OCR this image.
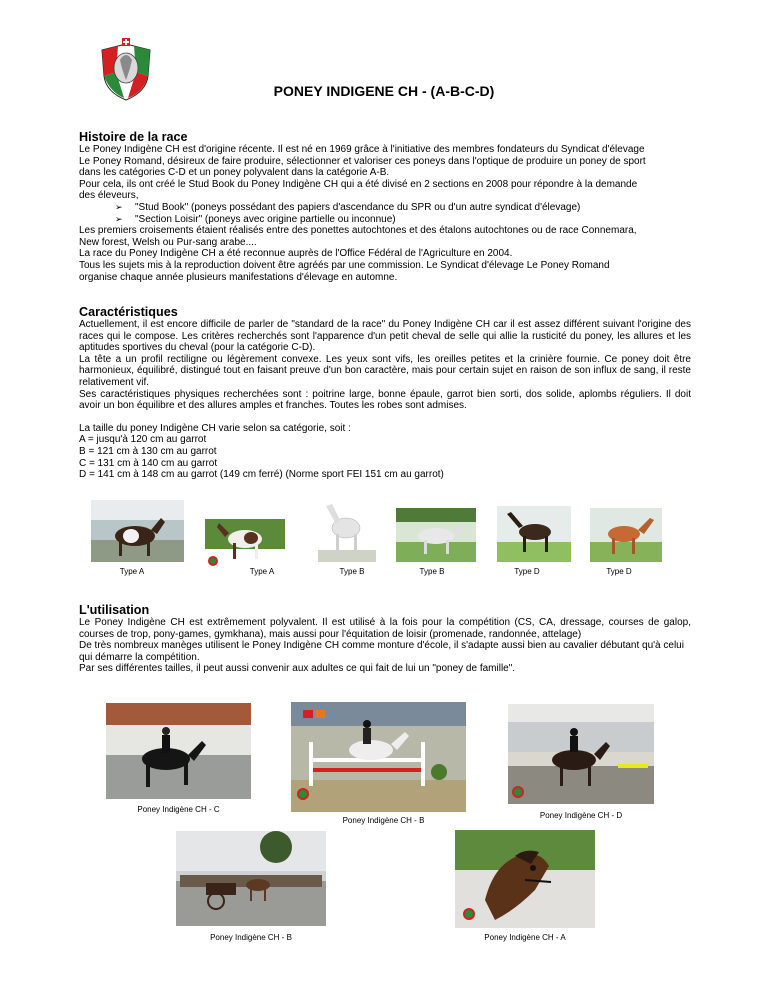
PONEY INDIGENE CH - (A-B-C-D)
Histoire de la race
Le Poney Indigène CH est d'origine récente. Il est né en 1969 grâce à l'initiative des membres fondateurs du Syndicat d'élevage
Le Poney Romand, désireux de faire produire, sélectionner et valoriser ces poneys dans l'optique de produire un poney de sport
dans les catégories C-D et un poney polyvalent dans la catégorie A-B.
Pour cela, ils ont créé le Stud Book du Poney Indigène CH qui a été divisé en 2 sections en 2008 pour répondre à la demande
des éleveurs,
➢	"Stud Book" (poneys possédant des papiers d'ascendance du SPR ou d'un autre syndicat d'élevage)
➢	"Section Loisir" (poneys avec origine partielle ou inconnue)
Les premiers croisements étaient réalisés entre des ponettes autochtones et des étalons autochtones ou de race Connemara,
New forest, Welsh ou Pur-sang arabe....
La race du Poney Indigène CH a été reconnue auprès de l'Office Fédéral de l'Agriculture en 2004.
Tous les sujets mis à la reproduction doivent être agréés par une commission. Le Syndicat d'élevage Le Poney Romand
organise chaque année plusieurs manifestations d'élevage en automne.
Caractéristiques
Actuellement, il est encore difficile de parler de "standard de la race" du Poney Indigène CH car il est assez différent suivant l'origine des races qui le compose. Les critères recherchés sont l'apparence d'un petit cheval de selle qui allie la rusticité du poney, les allures et les aptitudes sportives du cheval (pour la catégorie C-D).
La tête a un profil rectiligne ou légèrement convexe. Les yeux sont vifs, les oreilles petites et la crinière fournie. Ce poney doit être harmonieux, équilibré, distingué tout en faisant preuve d'un bon caractère, mais pour certain sujet en raison de son influx de sang, il reste relativement vif.
Ses caractéristiques physiques recherchées sont : poitrine large, bonne épaule, garrot bien sorti, dos solide, aplombs réguliers. Il doit avoir un bon équilibre et des allures amples et franches. Toutes les robes sont admises.
La taille du poney Indigène CH varie selon sa catégorie, soit :
A = jusqu'à 120 cm au garrot
B = 121 cm à 130 cm au garrot
C = 131 cm à 140 cm au garrot
D = 141 cm à 148 cm au garrot (149 cm ferré) (Norme sport FEI 151 cm au garrot)
Type A	Type A	Type B	Type B	Type D	Type D
L'utilisation
Le Poney Indigène CH est extrêmement polyvalent. Il est utilisé à la fois pour la compétition (CS, CA, dressage, courses de galop, courses de trop, pony-games, gymkhana), mais aussi pour l'équitation de loisir (promenade, randonnée, attelage)
De très nombreux manèges utilisent le Poney Indigène CH comme monture d'école, il s'adapte aussi bien au cavalier débutant qu'à celui qui démarre la compétition.
Par ses différentes tailles, il peut aussi convenir aux adultes ce qui fait de lui un "poney de famille".
Poney Indigène CH - C
Poney Indigène CH - B
Poney Indigène CH - D
Poney Indigène CH - B	Poney Indigène CH - A
